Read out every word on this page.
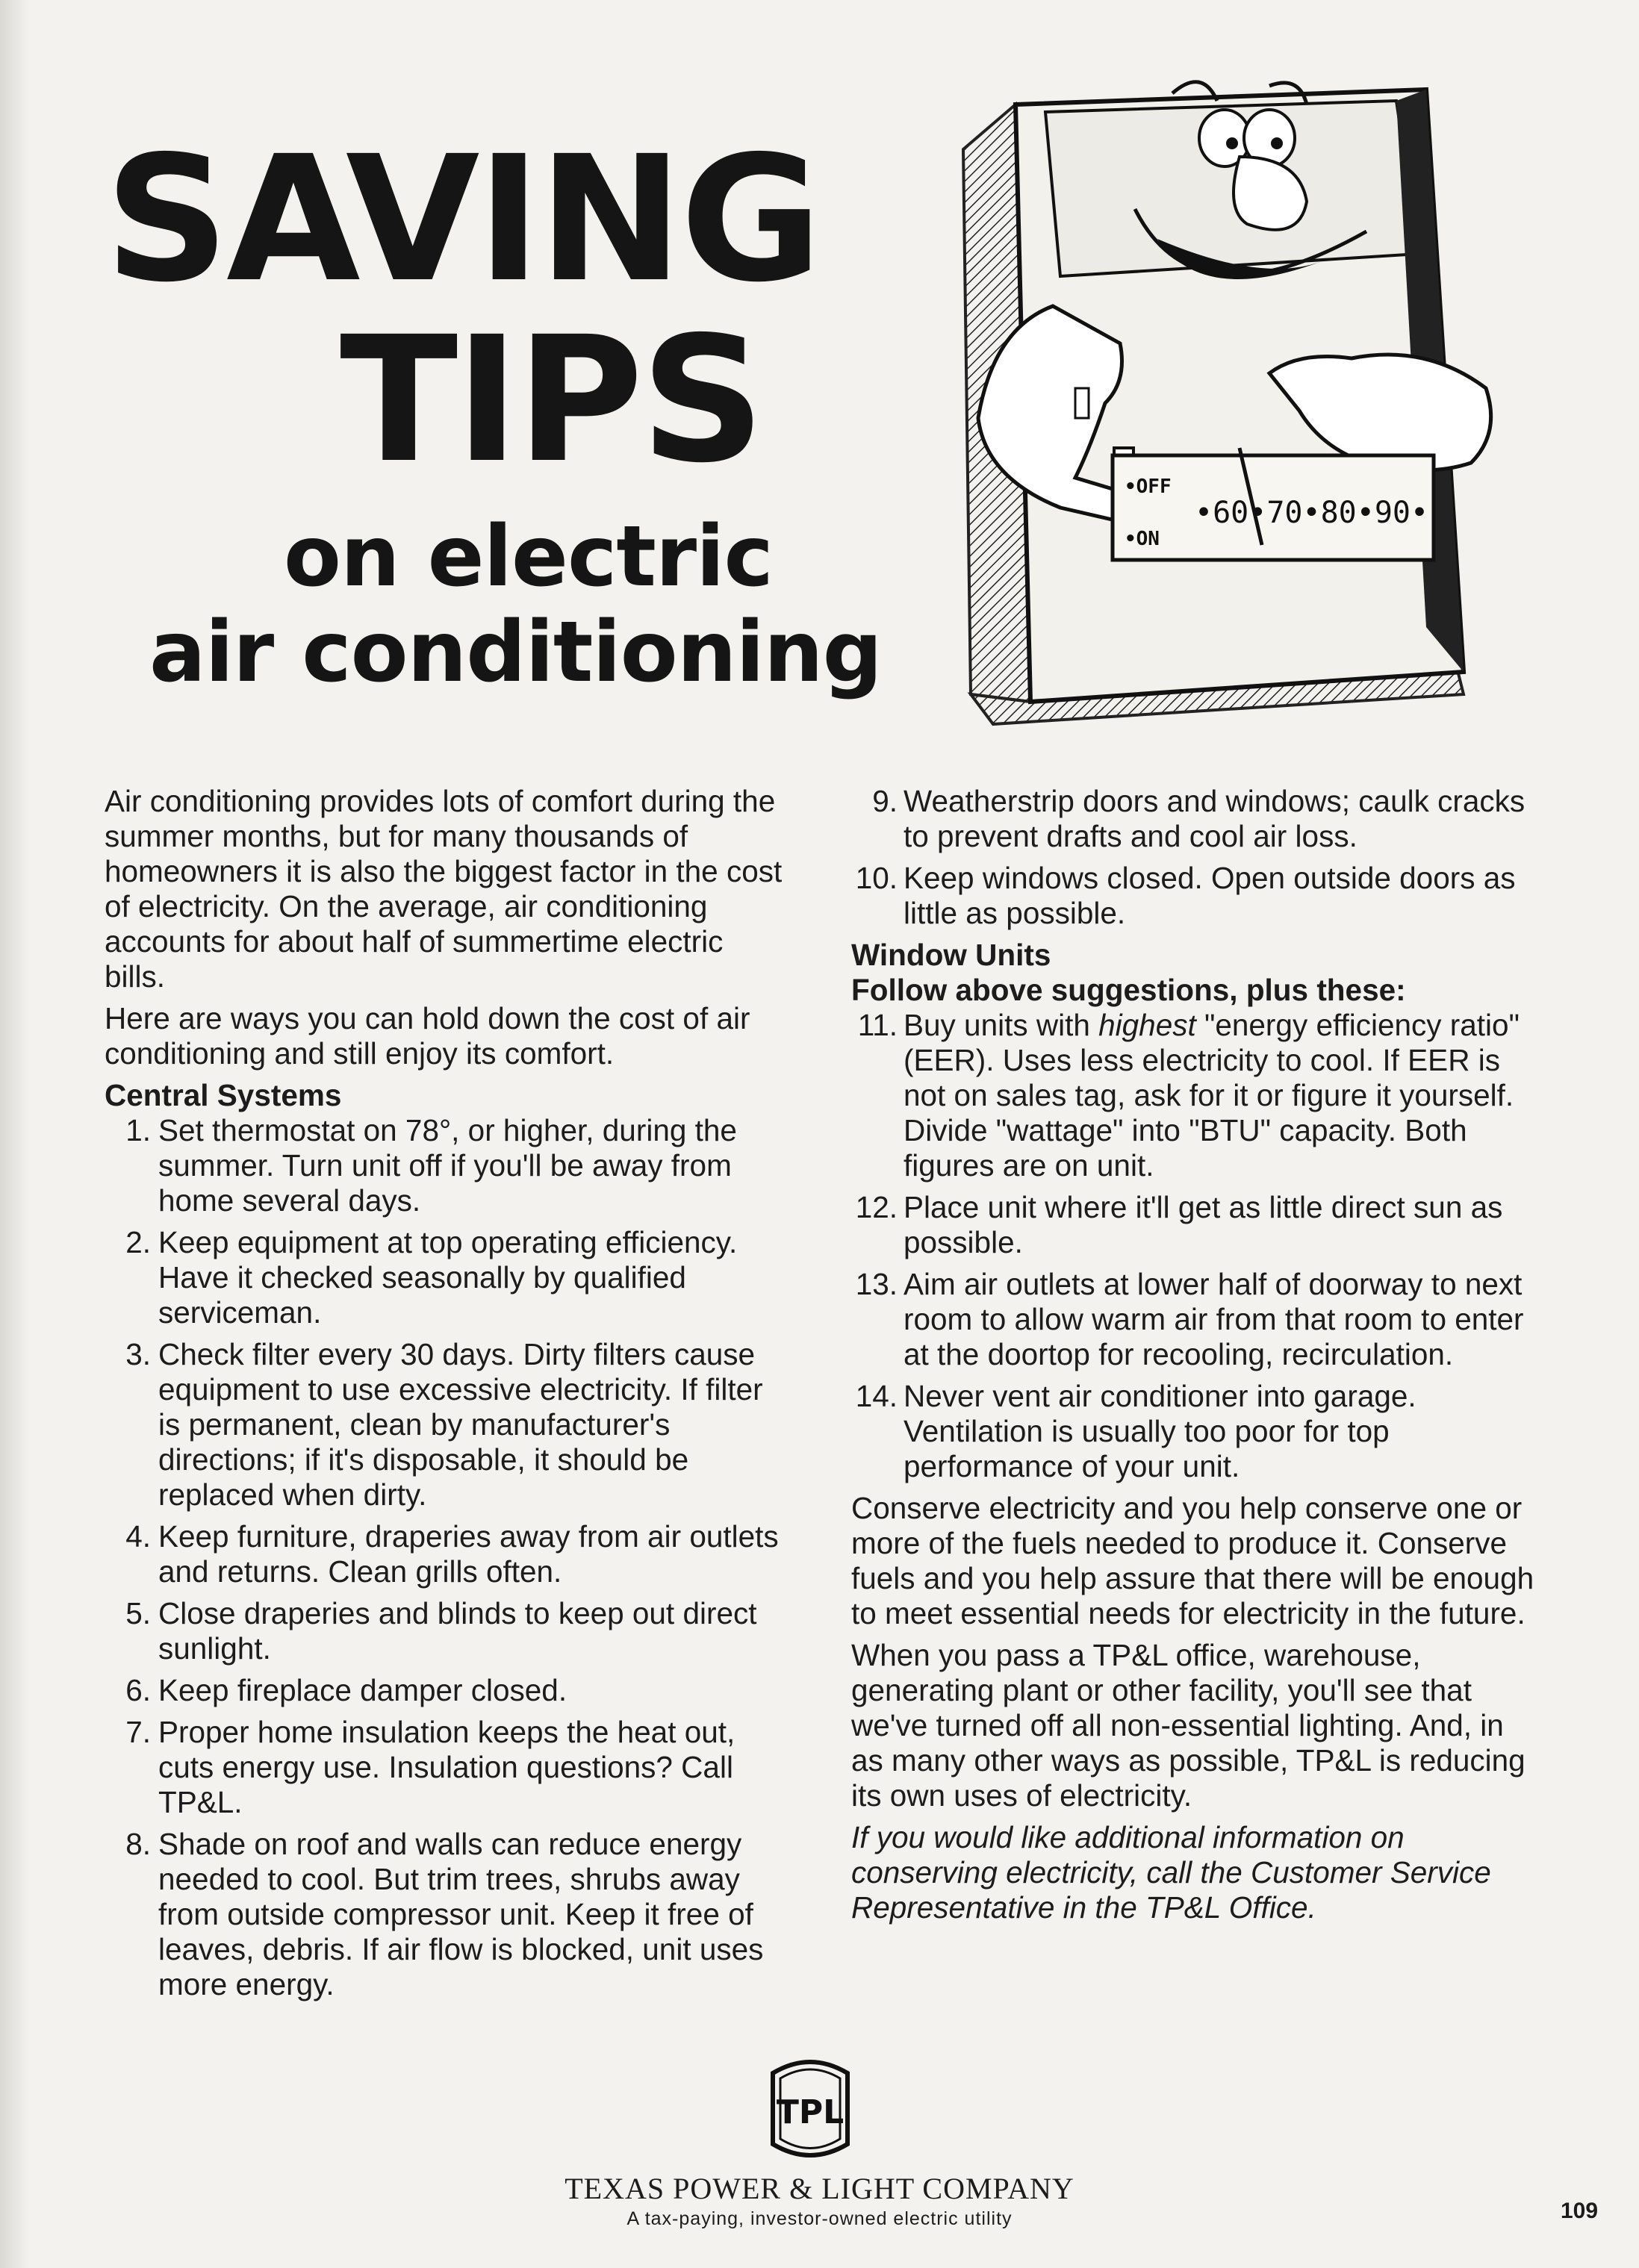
SAVING
TIPS
on electric
air conditioning
•OFF
•ON
•60•70•80•90•

Air conditioning provides lots of comfort during the summer months, but for many thousands of homeowners it is also the biggest factor in the cost of electricity. On the average, air conditioning accounts for about half of summertime electric bills.

Here are ways you can hold down the cost of air conditioning and still enjoy its comfort.

Central Systems
1. Set thermostat on 78°, or higher, during the summer. Turn unit off if you'll be away from home several days.
2. Keep equipment at top operating efficiency. Have it checked seasonally by qualified serviceman.
3. Check filter every 30 days. Dirty filters cause equipment to use excessive electricity. If filter is permanent, clean by manufacturer's directions; if it's disposable, it should be replaced when dirty.
4. Keep furniture, draperies away from air outlets and returns. Clean grills often.
5. Close draperies and blinds to keep out direct sunlight.
6. Keep fireplace damper closed.
7. Proper home insulation keeps the heat out, cuts energy use. Insulation questions? Call TP&L.
8. Shade on roof and walls can reduce energy needed to cool. But trim trees, shrubs away from outside compressor unit. Keep it free of leaves, debris. If air flow is blocked, unit uses more energy.
9. Weatherstrip doors and windows; caulk cracks to prevent drafts and cool air loss.
10. Keep windows closed. Open outside doors as little as possible.
Window Units
Follow above suggestions, plus these:
11. Buy units with highest "energy efficiency ratio" (EER). Uses less electricity to cool. If EER is not on sales tag, ask for it or figure it yourself. Divide "wattage" into "BTU" capacity. Both figures are on unit.
12. Place unit where it'll get as little direct sun as possible.
13. Aim air outlets at lower half of doorway to next room to allow warm air from that room to enter at the doortop for recooling, recirculation.
14. Never vent air conditioner into garage. Ventilation is usually too poor for top performance of your unit.

Conserve electricity and you help conserve one or more of the fuels needed to produce it. Conserve fuels and you help assure that there will be enough to meet essential needs for electricity in the future.

When you pass a TP&L office, warehouse, generating plant or other facility, you'll see that we've turned off all non-essential lighting. And, in as many other ways as possible, TP&L is reducing its own uses of electricity.

If you would like additional information on conserving electricity, call the Customer Service Representative in the TP&L Office.

TPL
TEXAS POWER & LIGHT COMPANY
A tax-paying, investor-owned electric utility	109
